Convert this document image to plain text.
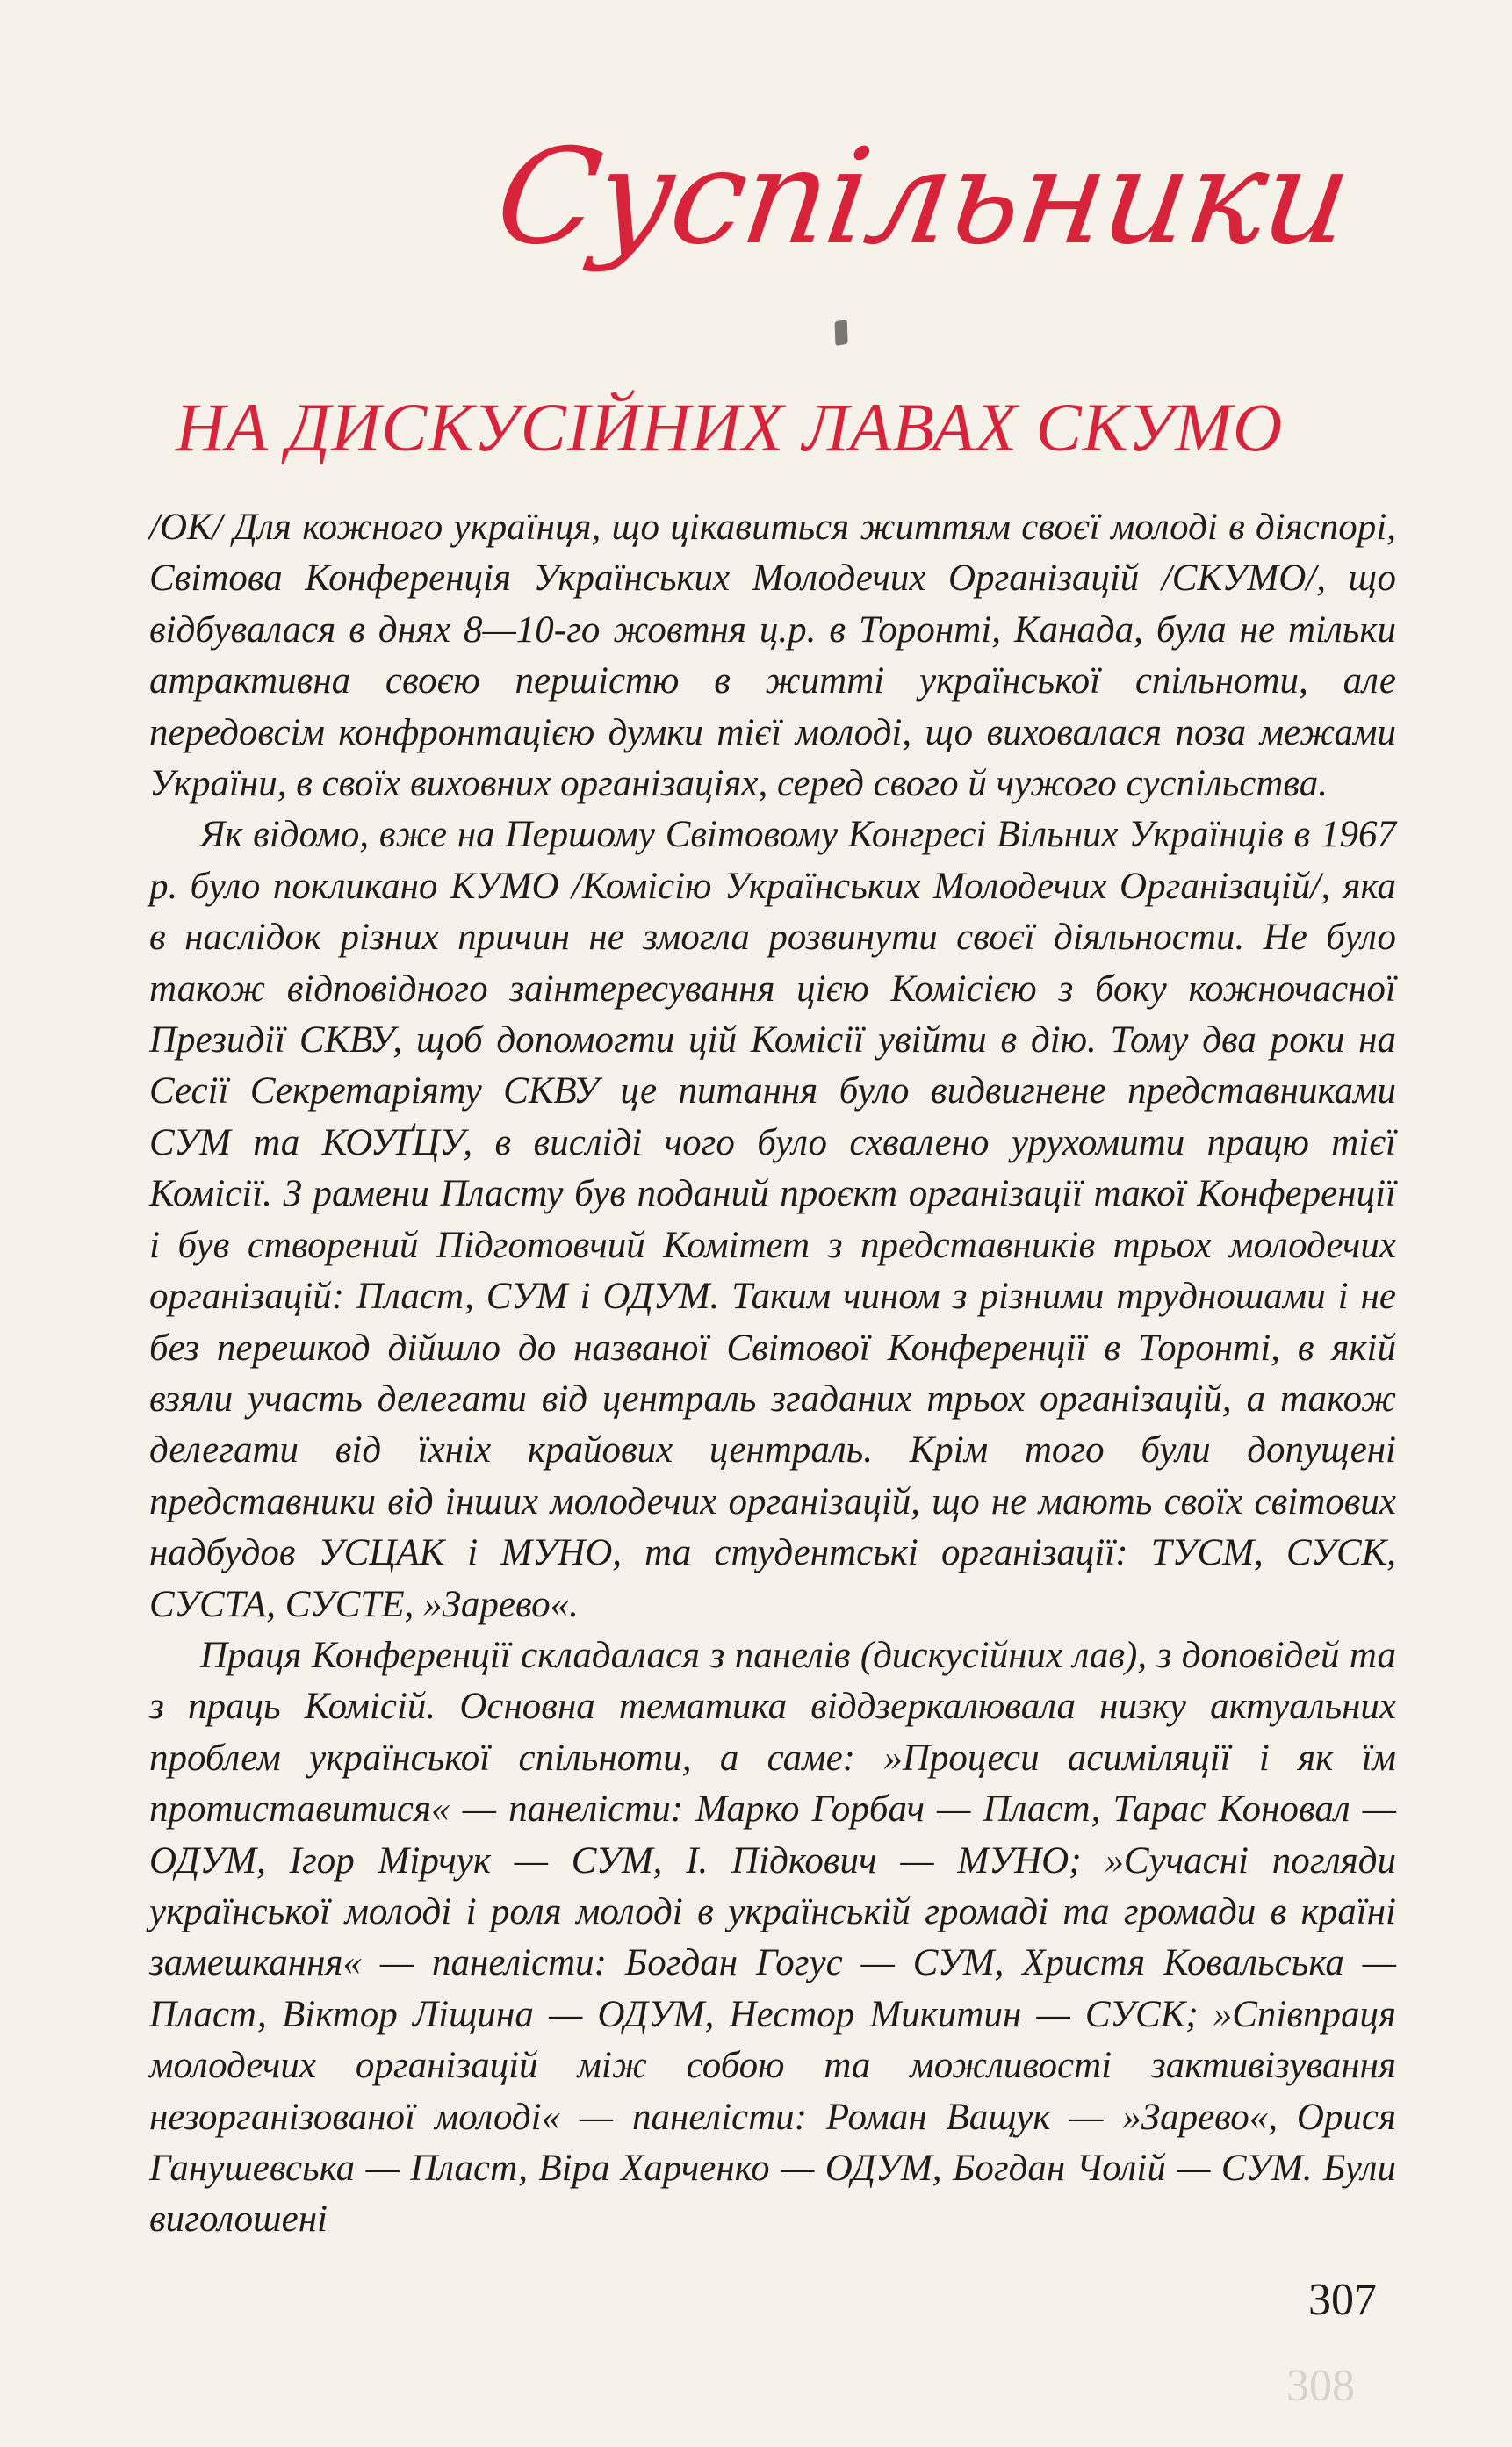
Суспільники
НА ДИСКУСІЙНИХ ЛАВАХ СКУМО

/ОК/ Для кожного українця, що цікавиться життям своєї молоді в діяспорі, Світова Конференція Українських Молодечих Організацій /СКУМО/, що відбувалася в днях 8—10-го жовтня ц.р. в Торонті, Канада, була не тільки атрактивна своєю першістю в житті української спільноти, але передовсім конфронтацією думки тієї молоді, що виховалася поза межами України, в своїх виховних організаціях, серед свого й чужого суспільства.

Як відомо, вже на Першому Світовому Конгресі Вільних Українців в 1967 р. було покликано КУМО /Комісію Українських Молодечих Організацій/, яка в наслідок різних причин не змогла розвинути своєї діяльности. Не було також відповідного заінтересування цією Комісією з боку кожночасної Президії СКВУ, щоб допомогти цій Комісії увійти в дію. Тому два роки на Сесії Секретаріяту СКВУ це питання було видвигнене представниками СУМ та КОУҐЦУ, в висліді чого було схвалено урухомити працю тієї Комісії. З рамени Пласту був поданий проєкт організації такої Конференції і був створений Підготовчий Комітет з представників трьох молодечих організацій: Пласт, СУМ і ОДУМ. Таким чином з різними трудношами і не без перешкод дійшло до названої Світової Конференції в Торонті, в якій взяли участь делегати від централь згаданих трьох організацій, а також делегати від їхніх крайових централь. Крім того були допущені представники від інших молодечих організацій, що не мають своїх світових надбудов УСЦАК і МУНО, та студентські організації: ТУСМ, СУСК, СУСТА, СУСТЕ, »Зарево«.

Праця Конференції складалася з панелів (дискусійних лав), з доповідей та з праць Комісій. Основна тематика віддзеркалювала низку актуальних проблем української спільноти, а саме: »Процеси асиміляції і як їм протиставитися« — панелісти: Марко Горбач — Пласт, Тарас Коновал — ОДУМ, Ігор Мірчук — СУМ, І. Підкович — МУНО; »Сучасні погляди української молоді і роля молоді в українській громаді та громади в країні замешкання« — панелісти: Богдан Гогус — СУМ, Христя Ковальська — Пласт, Віктор Ліщина — ОДУМ, Нестор Микитин — СУСК; »Співпраця молодечих організацій між собою та можливості зактивізування незорганізованої молоді« — панелісти: Роман Ващук — »Зарево«, Орися Ганушевська — Пласт, Віра Харченко — ОДУМ, Богдан Чолій — СУМ. Були виголошені

307
308
